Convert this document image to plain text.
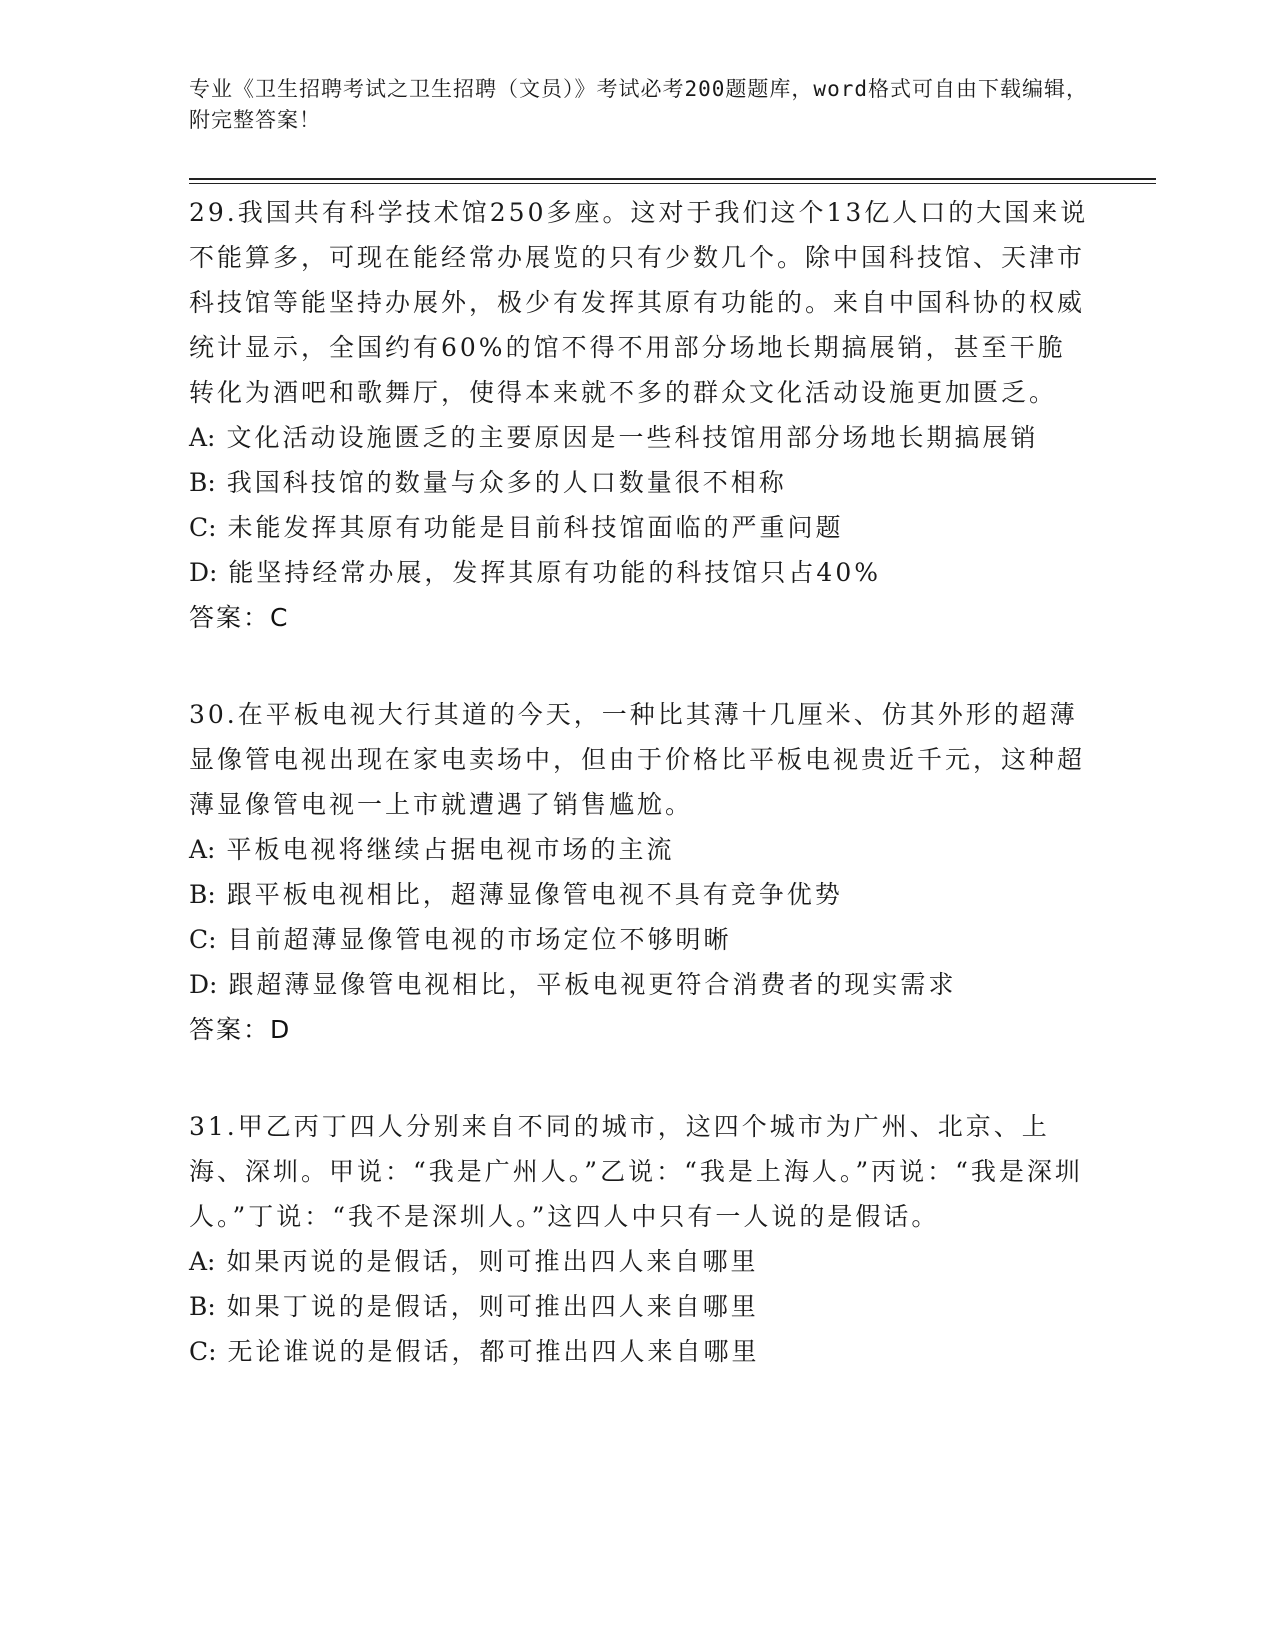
专业《卫生招聘考试之卫生招聘（文员）》考试必考200题题库，word格式可自由下载编辑，附完整答案！

29.我国共有科学技术馆250多座。这对于我们这个13亿人口的大国来说不能算多，可现在能经常办展览的只有少数几个。除中国科技馆、天津市科技馆等能坚持办展外，极少有发挥其原有功能的。来自中国科协的权威统计显示，全国约有60%的馆不得不用部分场地长期搞展销，甚至干脆转化为酒吧和歌舞厅，使得本来就不多的群众文化活动设施更加匮乏。

A: 文化活动设施匮乏的主要原因是一些科技馆用部分场地长期搞展销

B: 我国科技馆的数量与众多的人口数量很不相称

C: 未能发挥其原有功能是目前科技馆面临的严重问题

D: 能坚持经常办展，发挥其原有功能的科技馆只占40%

答案：C

30.在平板电视大行其道的今天，一种比其薄十几厘米、仿其外形的超薄显像管电视出现在家电卖场中，但由于价格比平板电视贵近千元，这种超薄显像管电视一上市就遭遇了销售尴尬。

A: 平板电视将继续占据电视市场的主流

B: 跟平板电视相比，超薄显像管电视不具有竞争优势

C: 目前超薄显像管电视的市场定位不够明晰

D: 跟超薄显像管电视相比，平板电视更符合消费者的现实需求

答案：D

31.甲乙丙丁四人分别来自不同的城市，这四个城市为广州、北京、上海、深圳。甲说：“我是广州人。”乙说：“我是上海人。”丙说：“我是深圳人。”丁说：“我不是深圳人。”这四人中只有一人说的是假话。

A: 如果丙说的是假话，则可推出四人来自哪里

B: 如果丁说的是假话，则可推出四人来自哪里

C: 无论谁说的是假话，都可推出四人来自哪里
